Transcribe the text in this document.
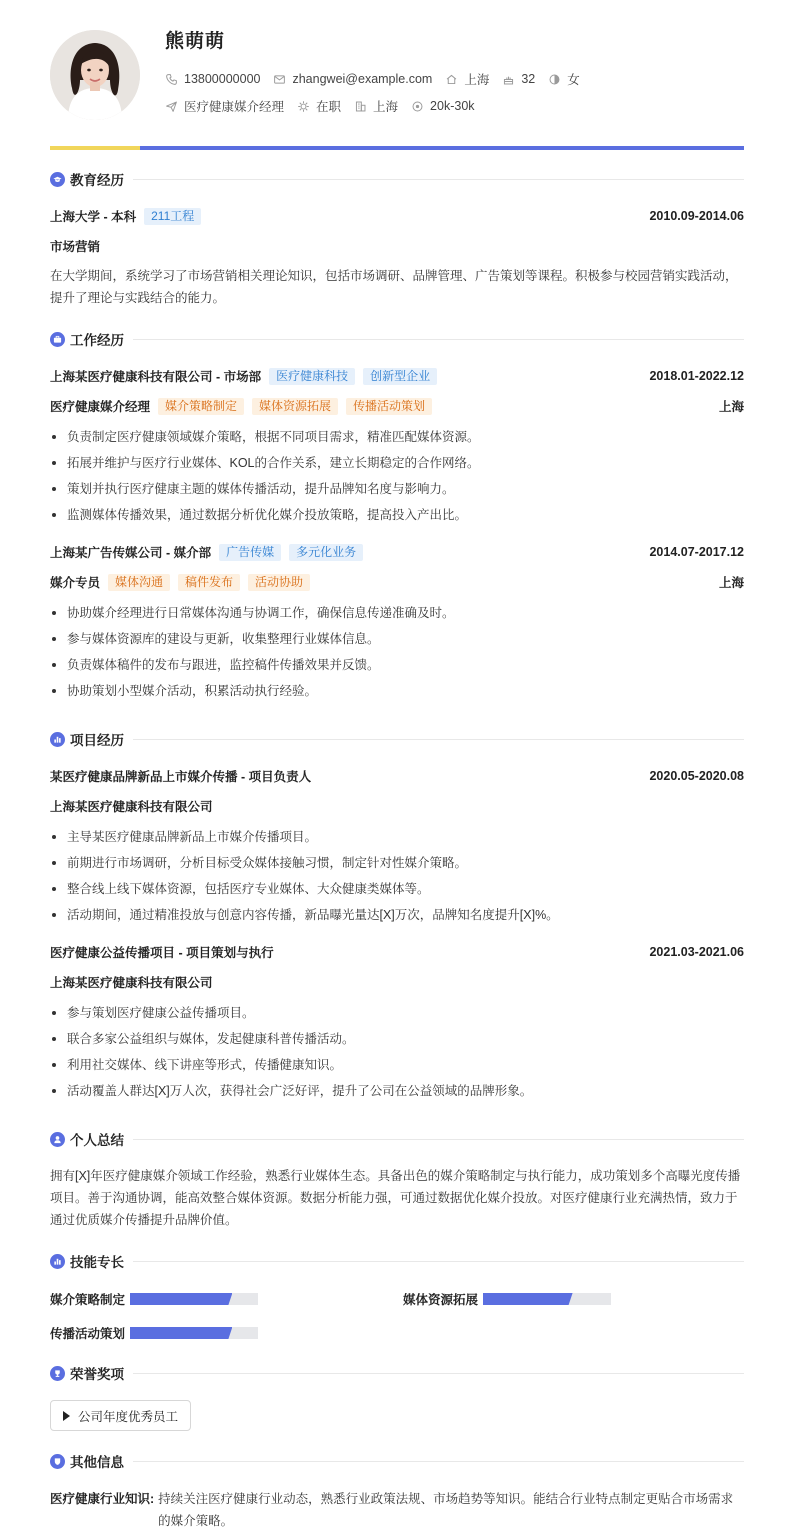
熊萌萌
13800000000	zhangwei@example.com	上海	32	女
医疗健康媒介经理	在职	上海	20k-30k
教育经历
上海大学 - 本科	211工程	2010.09-2014.06
市场营销
在大学期间，系统学习了市场营销相关理论知识，包括市场调研、品牌管理、广告策划等课程。积极参与校园营销实践活动，提升了理论与实践结合的能力。
工作经历
上海某医疗健康科技有限公司 - 市场部	医疗健康科技	创新型企业	2018.01-2022.12
医疗健康媒介经理	媒介策略制定	媒体资源拓展	传播活动策划	上海
负责制定医疗健康领域媒介策略，根据不同项目需求，精准匹配媒体资源。
拓展并维护与医疗行业媒体、KOL的合作关系，建立长期稳定的合作网络。
策划并执行医疗健康主题的媒体传播活动，提升品牌知名度与影响力。
监测媒体传播效果，通过数据分析优化媒介投放策略，提高投入产出比。
上海某广告传媒公司 - 媒介部	广告传媒	多元化业务	2014.07-2017.12
媒介专员	媒体沟通	稿件发布	活动协助	上海
协助媒介经理进行日常媒体沟通与协调工作，确保信息传递准确及时。
参与媒体资源库的建设与更新，收集整理行业媒体信息。
负责媒体稿件的发布与跟进，监控稿件传播效果并反馈。
协助策划小型媒介活动，积累活动执行经验。
项目经历
某医疗健康品牌新品上市媒介传播 - 项目负责人	2020.05-2020.08
上海某医疗健康科技有限公司
主导某医疗健康品牌新品上市媒介传播项目。
前期进行市场调研，分析目标受众媒体接触习惯，制定针对性媒介策略。
整合线上线下媒体资源，包括医疗专业媒体、大众健康类媒体等。
活动期间，通过精准投放与创意内容传播，新品曝光量达[X]万次，品牌知名度提升[X]%。
医疗健康公益传播项目 - 项目策划与执行	2021.03-2021.06
上海某医疗健康科技有限公司
参与策划医疗健康公益传播项目。
联合多家公益组织与媒体，发起健康科普传播活动。
利用社交媒体、线下讲座等形式，传播健康知识。
活动覆盖人群达[X]万人次，获得社会广泛好评，提升了公司在公益领域的品牌形象。
个人总结
拥有[X]年医疗健康媒介领域工作经验，熟悉行业媒体生态。具备出色的媒介策略制定与执行能力，成功策划多个高曝光度传播项目。善于沟通协调，能高效整合媒体资源。数据分析能力强，可通过数据优化媒介投放。对医疗健康行业充满热情，致力于通过优质媒介传播提升品牌价值。
技能专长
媒介策略制定	媒体资源拓展
传播活动策划
荣誉奖项
公司年度优秀员工
其他信息
医疗健康行业知识: 持续关注医疗健康行业动态，熟悉行业政策法规、市场趋势等知识。能结合行业特点制定更贴合市场需求的媒介策略。
